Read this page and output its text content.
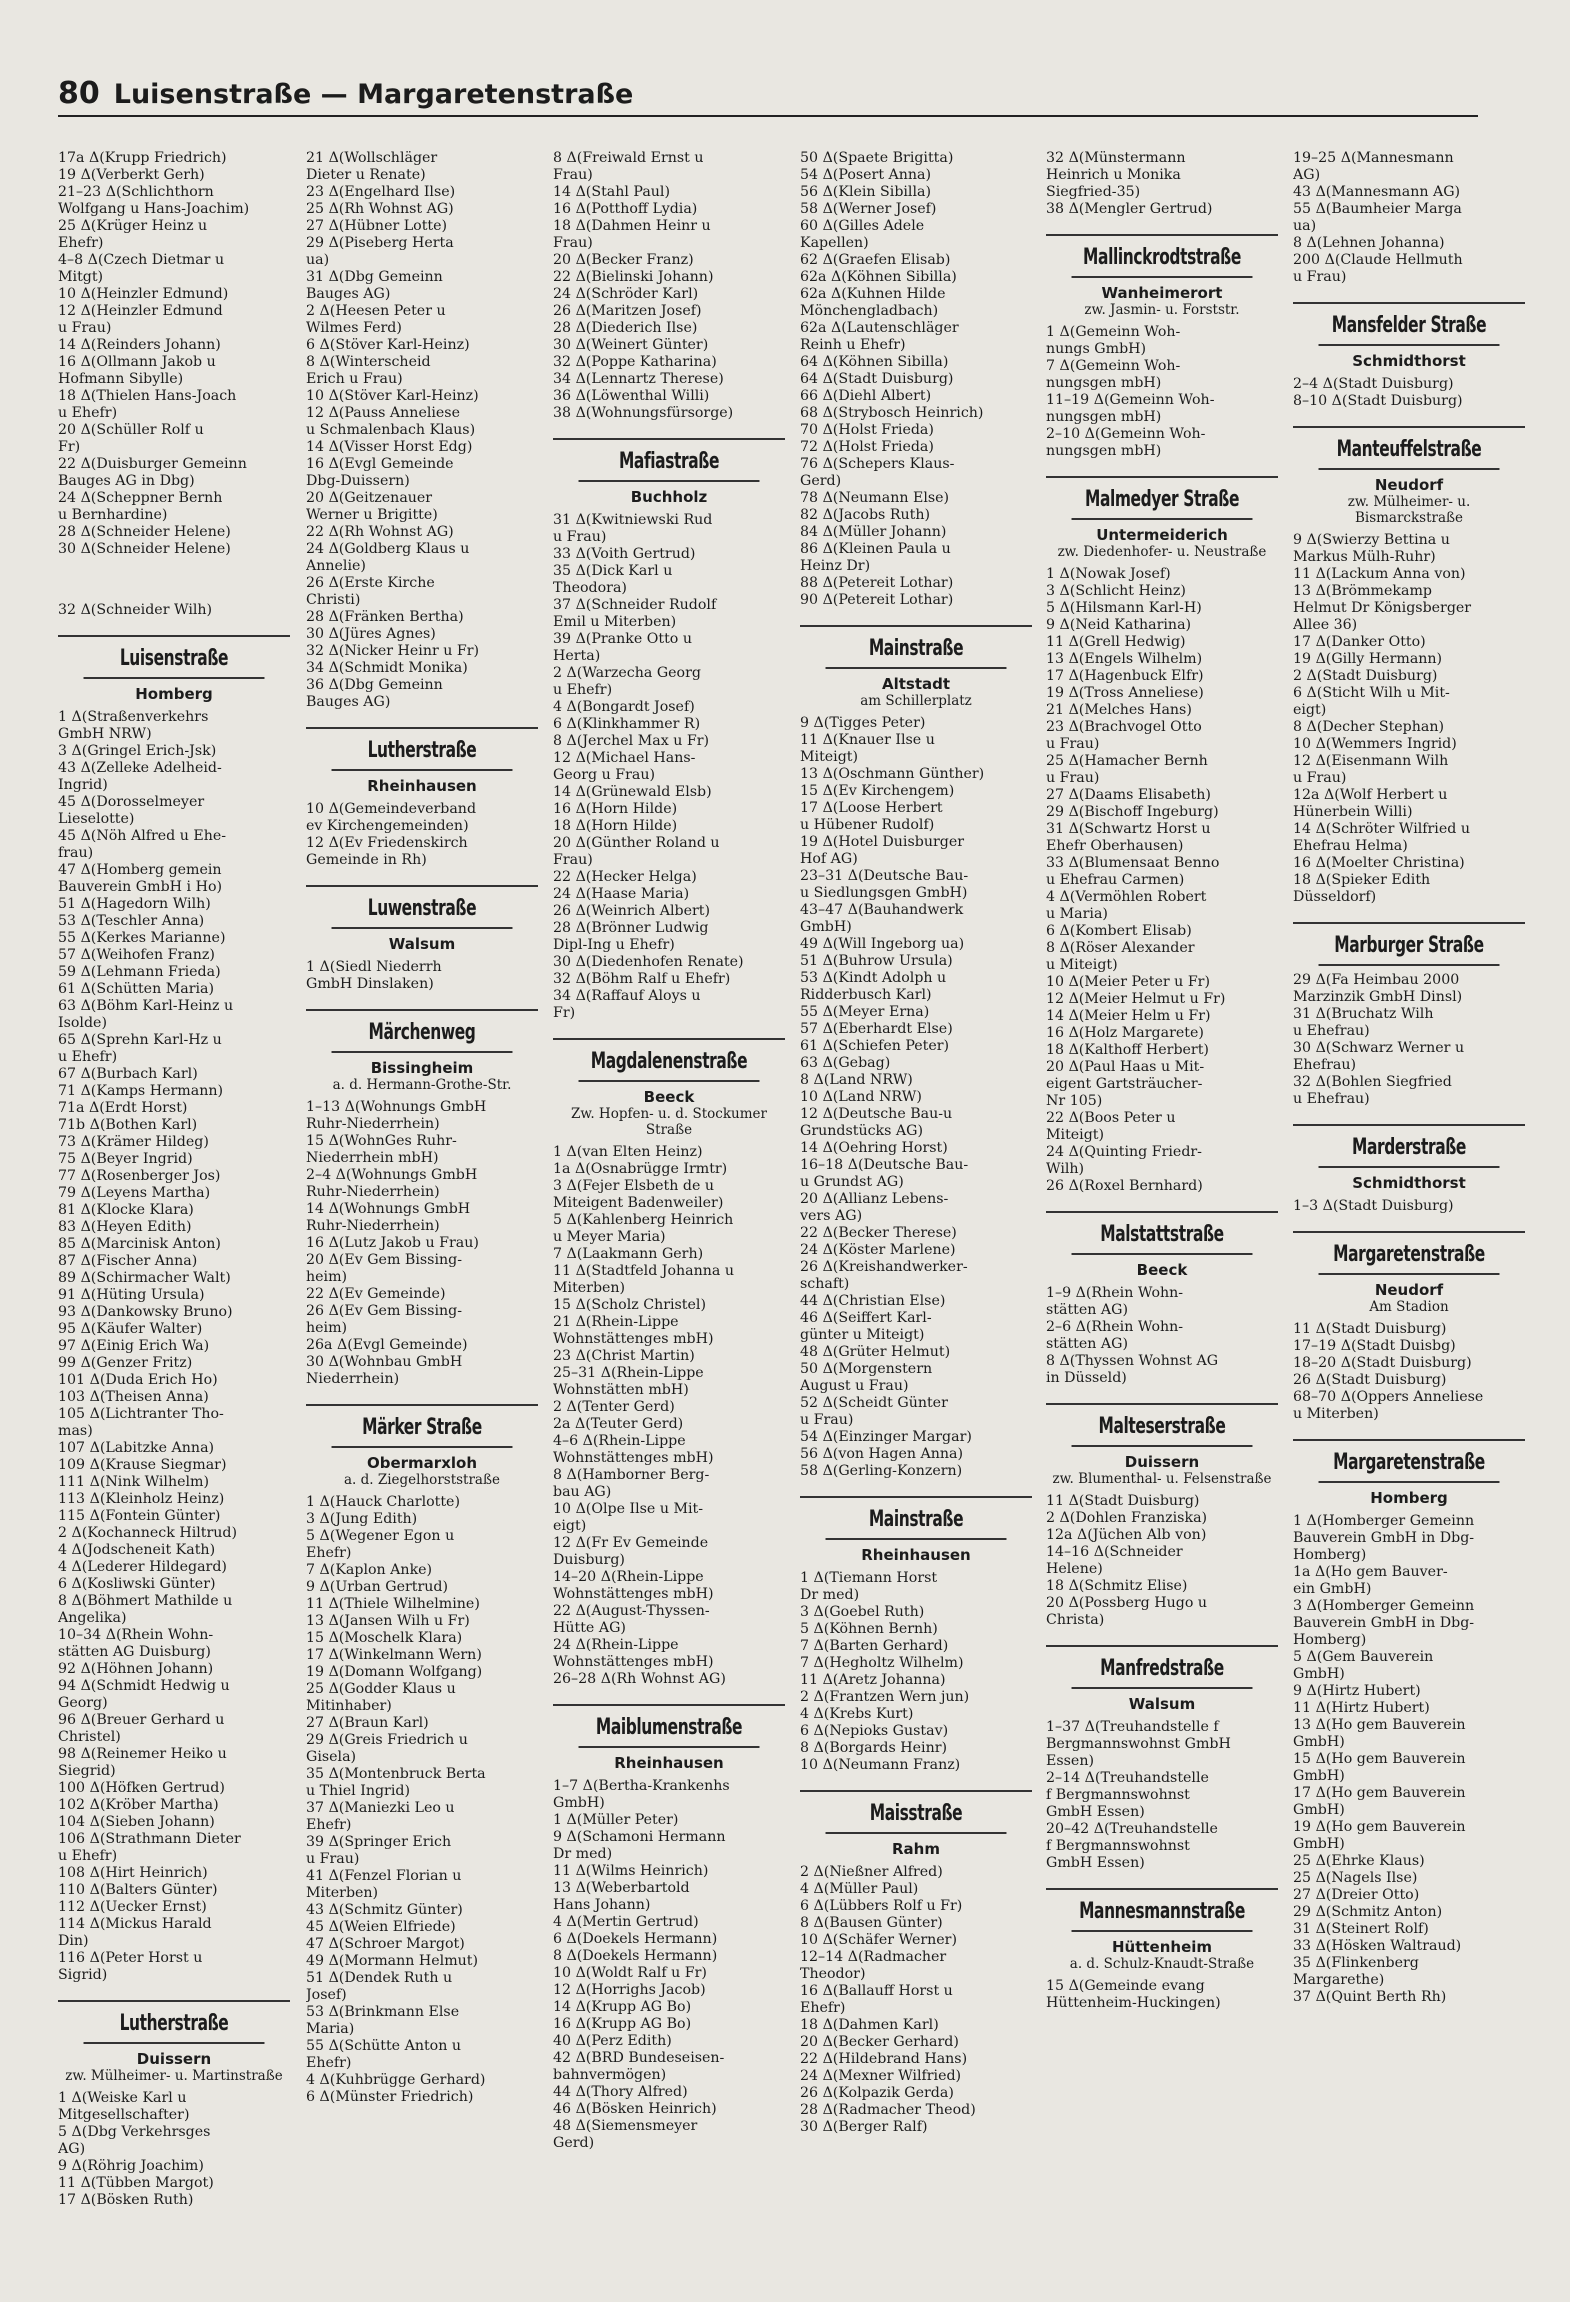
80 Luisenstraße — Margaretenstraße

17a Δ(Krupp Friedrich)

19 Δ(Verberkt Gerh)

21–23 Δ(Schlichthorn

Wolfgang u Hans-Joachim)

25 Δ(Krüger Heinz u

Ehefr)

4–8 Δ(Czech Dietmar u

Mitgt)

10 Δ(Heinzler Edmund)

12 Δ(Heinzler Edmund

u Frau)

14 Δ(Reinders Johann)

16 Δ(Ollmann Jakob u

Hofmann Sibylle)

18 Δ(Thielen Hans-Joach

u Ehefr)

20 Δ(Schüller Rolf u

Fr)

22 Δ(Duisburger Gemeinn

Bauges AG in Dbg)

24 Δ(Scheppner Bernh

u Bernhardine)

28 Δ(Schneider Helene)

30 Δ(Schneider Helene)

32 Δ(Schneider Wilh)

Luisenstraße
Homberg

1 Δ(Straßenverkehrs

GmbH NRW)

3 Δ(Gringel Erich-Jsk)

43 Δ(Zelleke Adelheid-

Ingrid)

45 Δ(Dorosselmeyer

Lieselotte)

45 Δ(Nöh Alfred u Ehe-

frau)

47 Δ(Homberg gemein

Bauverein GmbH i Ho)

51 Δ(Hagedorn Wilh)

53 Δ(Teschler Anna)

55 Δ(Kerkes Marianne)

57 Δ(Weihofen Franz)

59 Δ(Lehmann Frieda)

61 Δ(Schütten Maria)

63 Δ(Böhm Karl-Heinz u

Isolde)

65 Δ(Sprehn Karl-Hz u

u Ehefr)

67 Δ(Burbach Karl)

71 Δ(Kamps Hermann)

71a Δ(Erdt Horst)

71b Δ(Bothen Karl)

73 Δ(Krämer Hildeg)

75 Δ(Beyer Ingrid)

77 Δ(Rosenberger Jos)

79 Δ(Leyens Martha)

81 Δ(Klocke Klara)

83 Δ(Heyen Edith)

85 Δ(Marcinisk Anton)

87 Δ(Fischer Anna)

89 Δ(Schirmacher Walt)

91 Δ(Hüting Ursula)

93 Δ(Dankowsky Bruno)

95 Δ(Käufer Walter)

97 Δ(Einig Erich Wa)

99 Δ(Genzer Fritz)

101 Δ(Duda Erich Ho)

103 Δ(Theisen Anna)

105 Δ(Lichtranter Tho-

mas)

107 Δ(Labitzke Anna)

109 Δ(Krause Siegmar)

111 Δ(Nink Wilhelm)

113 Δ(Kleinholz Heinz)

115 Δ(Fontein Günter)

2 Δ(Kochanneck Hiltrud)

4 Δ(Jodscheneit Kath)

4 Δ(Lederer Hildegard)

6 Δ(Kosliwski Günter)

8 Δ(Böhmert Mathilde u

Angelika)

10–34 Δ(Rhein Wohn-

stätten AG Duisburg)

92 Δ(Höhnen Johann)

94 Δ(Schmidt Hedwig u

Georg)

96 Δ(Breuer Gerhard u

Christel)

98 Δ(Reinemer Heiko u

Siegrid)

100 Δ(Höfken Gertrud)

102 Δ(Kröber Martha)

104 Δ(Sieben Johann)

106 Δ(Strathmann Dieter

u Ehefr)

108 Δ(Hirt Heinrich)

110 Δ(Balters Günter)

112 Δ(Uecker Ernst)

114 Δ(Mickus Harald

Din)

116 Δ(Peter Horst u

Sigrid)

Lutherstraße
Duissern
zw. Mülheimer- u. Martinstraße

1 Δ(Weiske Karl u

Mitgesellschafter)

5 Δ(Dbg Verkehrsges

AG)

9 Δ(Röhrig Joachim)

11 Δ(Tübben Margot)

17 Δ(Bösken Ruth)

21 Δ(Wollschläger

Dieter u Renate)

23 Δ(Engelhard Ilse)

25 Δ(Rh Wohnst AG)

27 Δ(Hübner Lotte)

29 Δ(Piseberg Herta

ua)

31 Δ(Dbg Gemeinn

Bauges AG)

2 Δ(Heesen Peter u

Wilmes Ferd)

6 Δ(Stöver Karl-Heinz)

8 Δ(Winterscheid

Erich u Frau)

10 Δ(Stöver Karl-Heinz)

12 Δ(Pauss Anneliese

u Schmalenbach Klaus)

14 Δ(Visser Horst Edg)

16 Δ(Evgl Gemeinde

Dbg-Duissern)

20 Δ(Geitzenauer

Werner u Brigitte)

22 Δ(Rh Wohnst AG)

24 Δ(Goldberg Klaus u

Annelie)

26 Δ(Erste Kirche

Christi)

28 Δ(Fränken Bertha)

30 Δ(Jüres Agnes)

32 Δ(Nicker Heinr u Fr)

34 Δ(Schmidt Monika)

36 Δ(Dbg Gemeinn

Bauges AG)

Lutherstraße
Rheinhausen

10 Δ(Gemeindeverband

ev Kirchengemeinden)

12 Δ(Ev Friedenskirch

Gemeinde in Rh)

Luwenstraße
Walsum

1 Δ(Siedl Niederrh

GmbH Dinslaken)

Märchenweg
Bissingheim
a. d. Hermann-Grothe-Str.

1–13 Δ(Wohnungs GmbH

Ruhr-Niederrhein)

15 Δ(WohnGes Ruhr-

Niederrhein mbH)

2–4 Δ(Wohnungs GmbH

Ruhr-Niederrhein)

14 Δ(Wohnungs GmbH

Ruhr-Niederrhein)

16 Δ(Lutz Jakob u Frau)

20 Δ(Ev Gem Bissing-

heim)

22 Δ(Ev Gemeinde)

26 Δ(Ev Gem Bissing-

heim)

26a Δ(Evgl Gemeinde)

30 Δ(Wohnbau GmbH

Niederrhein)

Märker Straße
Obermarxloh
a. d. Ziegelhorststraße

1 Δ(Hauck Charlotte)

3 Δ(Jung Edith)

5 Δ(Wegener Egon u

Ehefr)

7 Δ(Kaplon Anke)

9 Δ(Urban Gertrud)

11 Δ(Thiele Wilhelmine)

13 Δ(Jansen Wilh u Fr)

15 Δ(Moschelk Klara)

17 Δ(Winkelmann Wern)

19 Δ(Domann Wolfgang)

25 Δ(Godder Klaus u

Mitinhaber)

27 Δ(Braun Karl)

29 Δ(Greis Friedrich u

Gisela)

35 Δ(Montenbruck Berta

u Thiel Ingrid)

37 Δ(Maniezki Leo u

Ehefr)

39 Δ(Springer Erich

u Frau)

41 Δ(Fenzel Florian u

Miterben)

43 Δ(Schmitz Günter)

45 Δ(Weien Elfriede)

47 Δ(Schroer Margot)

49 Δ(Mormann Helmut)

51 Δ(Dendek Ruth u

Josef)

53 Δ(Brinkmann Else

Maria)

55 Δ(Schütte Anton u

Ehefr)

4 Δ(Kuhbrügge Gerhard)

6 Δ(Münster Friedrich)

8 Δ(Freiwald Ernst u

Frau)

14 Δ(Stahl Paul)

16 Δ(Potthoff Lydia)

18 Δ(Dahmen Heinr u

Frau)

20 Δ(Becker Franz)

22 Δ(Bielinski Johann)

24 Δ(Schröder Karl)

26 Δ(Maritzen Josef)

28 Δ(Diederich Ilse)

30 Δ(Weinert Günter)

32 Δ(Poppe Katharina)

34 Δ(Lennartz Therese)

36 Δ(Löwenthal Willi)

38 Δ(Wohnungsfürsorge)

Mafiastraße
Buchholz

31 Δ(Kwitniewski Rud

u Frau)

33 Δ(Voith Gertrud)

35 Δ(Dick Karl u

Theodora)

37 Δ(Schneider Rudolf

Emil u Miterben)

39 Δ(Pranke Otto u

Herta)

2 Δ(Warzecha Georg

u Ehefr)

4 Δ(Bongardt Josef)

6 Δ(Klinkhammer R)

8 Δ(Jerchel Max u Fr)

12 Δ(Michael Hans-

Georg u Frau)

14 Δ(Grünewald Elsb)

16 Δ(Horn Hilde)

18 Δ(Horn Hilde)

20 Δ(Günther Roland u

Frau)

22 Δ(Hecker Helga)

24 Δ(Haase Maria)

26 Δ(Weinrich Albert)

28 Δ(Brönner Ludwig

Dipl-Ing u Ehefr)

30 Δ(Diedenhofen Renate)

32 Δ(Böhm Ralf u Ehefr)

34 Δ(Raffauf Aloys u

Fr)

Magdalenenstraße
Beeck
Zw. Hopfen- u. d. Stockumer Straße

1 Δ(van Elten Heinz)

1a Δ(Osnabrügge Irmtr)

3 Δ(Fejer Elsbeth de u

Miteigent Badenweiler)

5 Δ(Kahlenberg Heinrich

u Meyer Maria)

7 Δ(Laakmann Gerh)

11 Δ(Stadtfeld Johanna u

Miterben)

15 Δ(Scholz Christel)

21 Δ(Rhein-Lippe

Wohnstättenges mbH)

23 Δ(Christ Martin)

25–31 Δ(Rhein-Lippe

Wohnstätten mbH)

2 Δ(Tenter Gerd)

2a Δ(Teuter Gerd)

4–6 Δ(Rhein-Lippe

Wohnstättenges mbH)

8 Δ(Hamborner Berg-

bau AG)

10 Δ(Olpe Ilse u Mit-

eigt)

12 Δ(Fr Ev Gemeinde

Duisburg)

14–20 Δ(Rhein-Lippe

Wohnstättenges mbH)

22 Δ(August-Thyssen-

Hütte AG)

24 Δ(Rhein-Lippe

Wohnstättenges mbH)

26–28 Δ(Rh Wohnst AG)

Maiblumenstraße
Rheinhausen

1–7 Δ(Bertha-Krankenhs

GmbH)

1 Δ(Müller Peter)

9 Δ(Schamoni Hermann

Dr med)

11 Δ(Wilms Heinrich)

13 Δ(Weberbartold

Hans Johann)

4 Δ(Mertin Gertrud)

6 Δ(Doekels Hermann)

8 Δ(Doekels Hermann)

10 Δ(Woldt Ralf u Fr)

12 Δ(Horrighs Jacob)

14 Δ(Krupp AG Bo)

16 Δ(Krupp AG Bo)

40 Δ(Perz Edith)

42 Δ(BRD Bundeseisen-

bahnvermögen)

44 Δ(Thory Alfred)

46 Δ(Bösken Heinrich)

48 Δ(Siemensmeyer

Gerd)

50 Δ(Spaete Brigitta)

54 Δ(Posert Anna)

56 Δ(Klein Sibilla)

58 Δ(Werner Josef)

60 Δ(Gilles Adele

Kapellen)

62 Δ(Graefen Elisab)

62a Δ(Köhnen Sibilla)

62a Δ(Kuhnen Hilde

Mönchengladbach)

62a Δ(Lautenschläger

Reinh u Ehefr)

64 Δ(Köhnen Sibilla)

64 Δ(Stadt Duisburg)

66 Δ(Diehl Albert)

68 Δ(Strybosch Heinrich)

70 Δ(Holst Frieda)

72 Δ(Holst Frieda)

76 Δ(Schepers Klaus-

Gerd)

78 Δ(Neumann Else)

82 Δ(Jacobs Ruth)

84 Δ(Müller Johann)

86 Δ(Kleinen Paula u

Heinz Dr)

88 Δ(Petereit Lothar)

90 Δ(Petereit Lothar)

Mainstraße
Altstadt
am Schillerplatz

9 Δ(Tigges Peter)

11 Δ(Knauer Ilse u

Miteigt)

13 Δ(Oschmann Günther)

15 Δ(Ev Kirchengem)

17 Δ(Loose Herbert

u Hübener Rudolf)

19 Δ(Hotel Duisburger

Hof AG)

23–31 Δ(Deutsche Bau-

u Siedlungsgen GmbH)

43–47 Δ(Bauhandwerk

GmbH)

49 Δ(Will Ingeborg ua)

51 Δ(Buhrow Ursula)

53 Δ(Kindt Adolph u

Ridderbusch Karl)

55 Δ(Meyer Erna)

57 Δ(Eberhardt Else)

61 Δ(Schiefen Peter)

63 Δ(Gebag)

8 Δ(Land NRW)

10 Δ(Land NRW)

12 Δ(Deutsche Bau-u

Grundstücks AG)

14 Δ(Oehring Horst)

16–18 Δ(Deutsche Bau-

u Grundst AG)

20 Δ(Allianz Lebens-

vers AG)

22 Δ(Becker Therese)

24 Δ(Köster Marlene)

26 Δ(Kreishandwerker-

schaft)

44 Δ(Christian Else)

46 Δ(Seiffert Karl-

günter u Miteigt)

48 Δ(Grüter Helmut)

50 Δ(Morgenstern

August u Frau)

52 Δ(Scheidt Günter

u Frau)

54 Δ(Einzinger Margar)

56 Δ(von Hagen Anna)

58 Δ(Gerling-Konzern)

Mainstraße
Rheinhausen

1 Δ(Tiemann Horst

Dr med)

3 Δ(Goebel Ruth)

5 Δ(Köhnen Bernh)

7 Δ(Barten Gerhard)

7 Δ(Hegholtz Wilhelm)

11 Δ(Aretz Johanna)

2 Δ(Frantzen Wern jun)

4 Δ(Krebs Kurt)

6 Δ(Nepioks Gustav)

8 Δ(Borgards Heinr)

10 Δ(Neumann Franz)

Maisstraße
Rahm

2 Δ(Nießner Alfred)

4 Δ(Müller Paul)

6 Δ(Lübbers Rolf u Fr)

8 Δ(Bausen Günter)

10 Δ(Schäfer Werner)

12–14 Δ(Radmacher

Theodor)

16 Δ(Ballauff Horst u

Ehefr)

18 Δ(Dahmen Karl)

20 Δ(Becker Gerhard)

22 Δ(Hildebrand Hans)

24 Δ(Mexner Wilfried)

26 Δ(Kolpazik Gerda)

28 Δ(Radmacher Theod)

30 Δ(Berger Ralf)

32 Δ(Münstermann

Heinrich u Monika

Siegfried-35)

38 Δ(Mengler Gertrud)

Mallinckrodtstraße
Wanheimerort
zw. Jasmin- u. Forststr.

1 Δ(Gemeinn Woh-

nungs GmbH)

7 Δ(Gemeinn Woh-

nungsgen mbH)

11–19 Δ(Gemeinn Woh-

nungsgen mbH)

2–10 Δ(Gemeinn Woh-

nungsgen mbH)

Malmedyer Straße
Untermeiderich
zw. Diedenhofer- u. Neustraße

1 Δ(Nowak Josef)

3 Δ(Schlicht Heinz)

5 Δ(Hilsmann Karl-H)

9 Δ(Neid Katharina)

11 Δ(Grell Hedwig)

13 Δ(Engels Wilhelm)

17 Δ(Hagenbuck Elfr)

19 Δ(Tross Anneliese)

21 Δ(Melches Hans)

23 Δ(Brachvogel Otto

u Frau)

25 Δ(Hamacher Bernh

u Frau)

27 Δ(Daams Elisabeth)

29 Δ(Bischoff Ingeburg)

31 Δ(Schwartz Horst u

Ehefr Oberhausen)

33 Δ(Blumensaat Benno

u Ehefrau Carmen)

4 Δ(Vermöhlen Robert

u Maria)

6 Δ(Kombert Elisab)

8 Δ(Röser Alexander

u Miteigt)

10 Δ(Meier Peter u Fr)

12 Δ(Meier Helmut u Fr)

14 Δ(Meier Helm u Fr)

16 Δ(Holz Margarete)

18 Δ(Kalthoff Herbert)

20 Δ(Paul Haas u Mit-

eigent Gartsträucher-

Nr 105)

22 Δ(Boos Peter u

Miteigt)

24 Δ(Quinting Friedr-

Wilh)

26 Δ(Roxel Bernhard)

Malstattstraße
Beeck

1–9 Δ(Rhein Wohn-

stätten AG)

2–6 Δ(Rhein Wohn-

stätten AG)

8 Δ(Thyssen Wohnst AG

in Düsseld)

Malteserstraße
Duissern
zw. Blumenthal- u. Felsenstraße

11 Δ(Stadt Duisburg)

2 Δ(Dohlen Franziska)

12a Δ(Jüchen Alb von)

14–16 Δ(Schneider

Helene)

18 Δ(Schmitz Elise)

20 Δ(Possberg Hugo u

Christa)

Manfredstraße
Walsum

1–37 Δ(Treuhandstelle f

Bergmannswohnst GmbH

Essen)

2–14 Δ(Treuhandstelle

f Bergmannswohnst

GmbH Essen)

20–42 Δ(Treuhandstelle

f Bergmannswohnst

GmbH Essen)

Mannesmannstraße
Hüttenheim
a. d. Schulz-Knaudt-Straße

15 Δ(Gemeinde evang

Hüttenheim-Huckingen)

19–25 Δ(Mannesmann

AG)

43 Δ(Mannesmann AG)

55 Δ(Baumheier Marga

ua)

8 Δ(Lehnen Johanna)

200 Δ(Claude Hellmuth

u Frau)

Mansfelder Straße
Schmidthorst

2–4 Δ(Stadt Duisburg)

8–10 Δ(Stadt Duisburg)

Manteuffelstraße
Neudorf
zw. Mülheimer- u. Bismarckstraße

9 Δ(Swierzy Bettina u

Markus Mülh-Ruhr)

11 Δ(Lackum Anna von)

13 Δ(Brömmekamp

Helmut Dr Königsberger

Allee 36)

17 Δ(Danker Otto)

19 Δ(Gilly Hermann)

2 Δ(Stadt Duisburg)

6 Δ(Sticht Wilh u Mit-

eigt)

8 Δ(Decher Stephan)

10 Δ(Wemmers Ingrid)

12 Δ(Eisenmann Wilh

u Frau)

12a Δ(Wolf Herbert u

Hünerbein Willi)

14 Δ(Schröter Wilfried u

Ehefrau Helma)

16 Δ(Moelter Christina)

18 Δ(Spieker Edith

Düsseldorf)

Marburger Straße

29 Δ(Fa Heimbau 2000

Marzinzik GmbH Dinsl)

31 Δ(Bruchatz Wilh

u Ehefrau)

30 Δ(Schwarz Werner u

Ehefrau)

32 Δ(Bohlen Siegfried

u Ehefrau)

Marderstraße
Schmidthorst

1–3 Δ(Stadt Duisburg)

Margaretenstraße
Neudorf
Am Stadion

11 Δ(Stadt Duisburg)

17–19 Δ(Stadt Duisbg)

18–20 Δ(Stadt Duisburg)

26 Δ(Stadt Duisburg)

68–70 Δ(Oppers Anneliese

u Miterben)

Margaretenstraße
Homberg

1 Δ(Homberger Gemeinn

Bauverein GmbH in Dbg-

Homberg)

1a Δ(Ho gem Bauver-

ein GmbH)

3 Δ(Homberger Gemeinn

Bauverein GmbH in Dbg-

Homberg)

5 Δ(Gem Bauverein

GmbH)

9 Δ(Hirtz Hubert)

11 Δ(Hirtz Hubert)

13 Δ(Ho gem Bauverein

GmbH)

15 Δ(Ho gem Bauverein

GmbH)

17 Δ(Ho gem Bauverein

GmbH)

19 Δ(Ho gem Bauverein

GmbH)

25 Δ(Ehrke Klaus)

25 Δ(Nagels Ilse)

27 Δ(Dreier Otto)

29 Δ(Schmitz Anton)

31 Δ(Steinert Rolf)

33 Δ(Hösken Waltraud)

35 Δ(Flinkenberg

Margarethe)

37 Δ(Quint Berth Rh)
